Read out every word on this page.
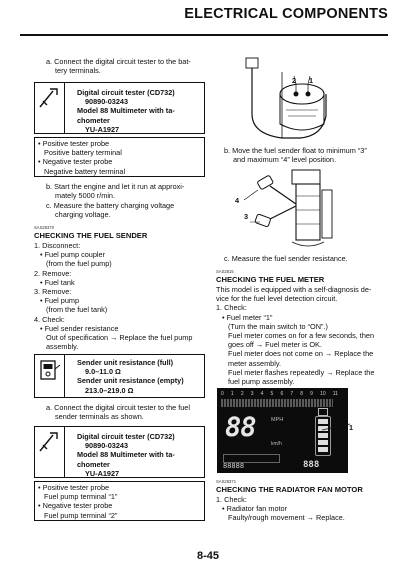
ELECTRICAL COMPONENTS
a. Connect the digital circuit tester to the bat-
tery terminals.
Digital circuit tester (CD732)
90890-03243
Model 88 Multimeter with ta-
chometer
YU-A1927
• Positive tester probe
Positive battery terminal
• Negative tester probe
Negative battery terminal
b. Start the engine and let it run at approxi-
mately 5000 r/min.
c. Measure the battery charging voltage
charging voltage.
SAS28370
CHECKING THE FUEL SENDER
1. Disconnect:
• Fuel pump coupler
(from the fuel pump)
2. Remove:
• Fuel tank
3. Remove:
• Fuel pump
(from the fuel tank)
4. Check:
• Fuel sender resistance
Out of specification → Replace the fuel pump
assembly.
Sender unit resistance (full)
9.0–11.0 Ω
Sender unit resistance (empty)
213.0–219.0 Ω
a. Connect the digital circuit tester to the fuel
sender terminals as shown.
Digital circuit tester (CD732)
90890-03243
Model 88 Multimeter with ta-
chometer
YU-A1927
• Positive tester probe
Fuel pump terminal “1”
• Negative tester probe
Fuel pump terminal “2”
2 1
b. Move the fuel sender float to minimum “3”
and maximum “4” level position.
4
3
c. Measure the fuel sender resistance.
SAS2815
CHECKING THE FUEL METER
This model is equipped with a self-diagnosis de-
vice for the fuel level detection circuit.
1. Check:
• Fuel meter “1”
(Turn the main switch to “ON”.)
Fuel meter comes on for a few seconds, then
goes off → Fuel meter is OK.
Fuel meter does not come on → Replace the
meter assembly.
Fuel meter flashes repeatedly → Replace the
fuel pump assembly.
0 1 2 3 4 5 6 7 8 9 10 11
88	MPH
km/h
88888	888
1
SAS28371
CHECKING THE RADIATOR FAN MOTOR
1. Check:
• Radiator fan motor
Faulty/rough movement → Replace.
8-45
